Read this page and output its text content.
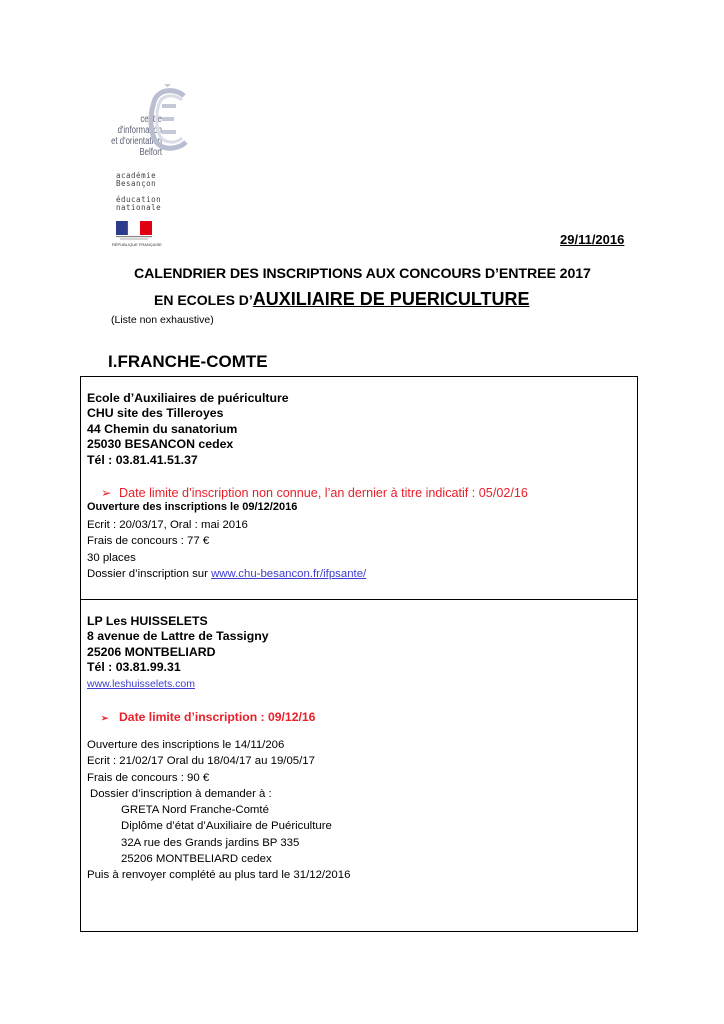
centre d'information
et d'orientation
Belfort
académie
Besançon
éducation
nationale
RÉPUBLIQUE FRANÇAISE	29/11/2016
CALENDRIER DES INSCRIPTIONS AUX CONCOURS D’ENTREE 2017
EN ECOLES D’AUXILIAIRE DE PUERICULTURE
(Liste non exhaustive)
I.FRANCHE-COMTE
Ecole d’Auxiliaires de puériculture
CHU site des Tilleroyes
44 Chemin du sanatorium
25030 BESANCON cedex
Tél : 03.81.41.51.37
➢ Date limite d’inscription non connue, l’an dernier à titre indicatif : 05/02/16
Ouverture des inscriptions le 09/12/2016
Ecrit : 20/03/17, Oral : mai 2016
Frais de concours : 77 €
30 places
Dossier d’inscription sur www.chu-besancon.fr/ifpsante/
LP Les HUISSELETS
8 avenue de Lattre de Tassigny
25206 MONTBELIARD
Tél : 03.81.99.31
www.leshuisselets.com
➢ Date limite d’inscription : 09/12/16
Ouverture des inscriptions le 14/11/206
Ecrit : 21/02/17 Oral du 18/04/17 au 19/05/17
Frais de concours : 90 €
Dossier d’inscription à demander à :
GRETA Nord Franche-Comté
Diplôme d’état d’Auxiliaire de Puériculture
32A rue des Grands jardins BP 335
25206 MONTBELIARD cedex
Puis à renvoyer complété au plus tard le 31/12/2016
